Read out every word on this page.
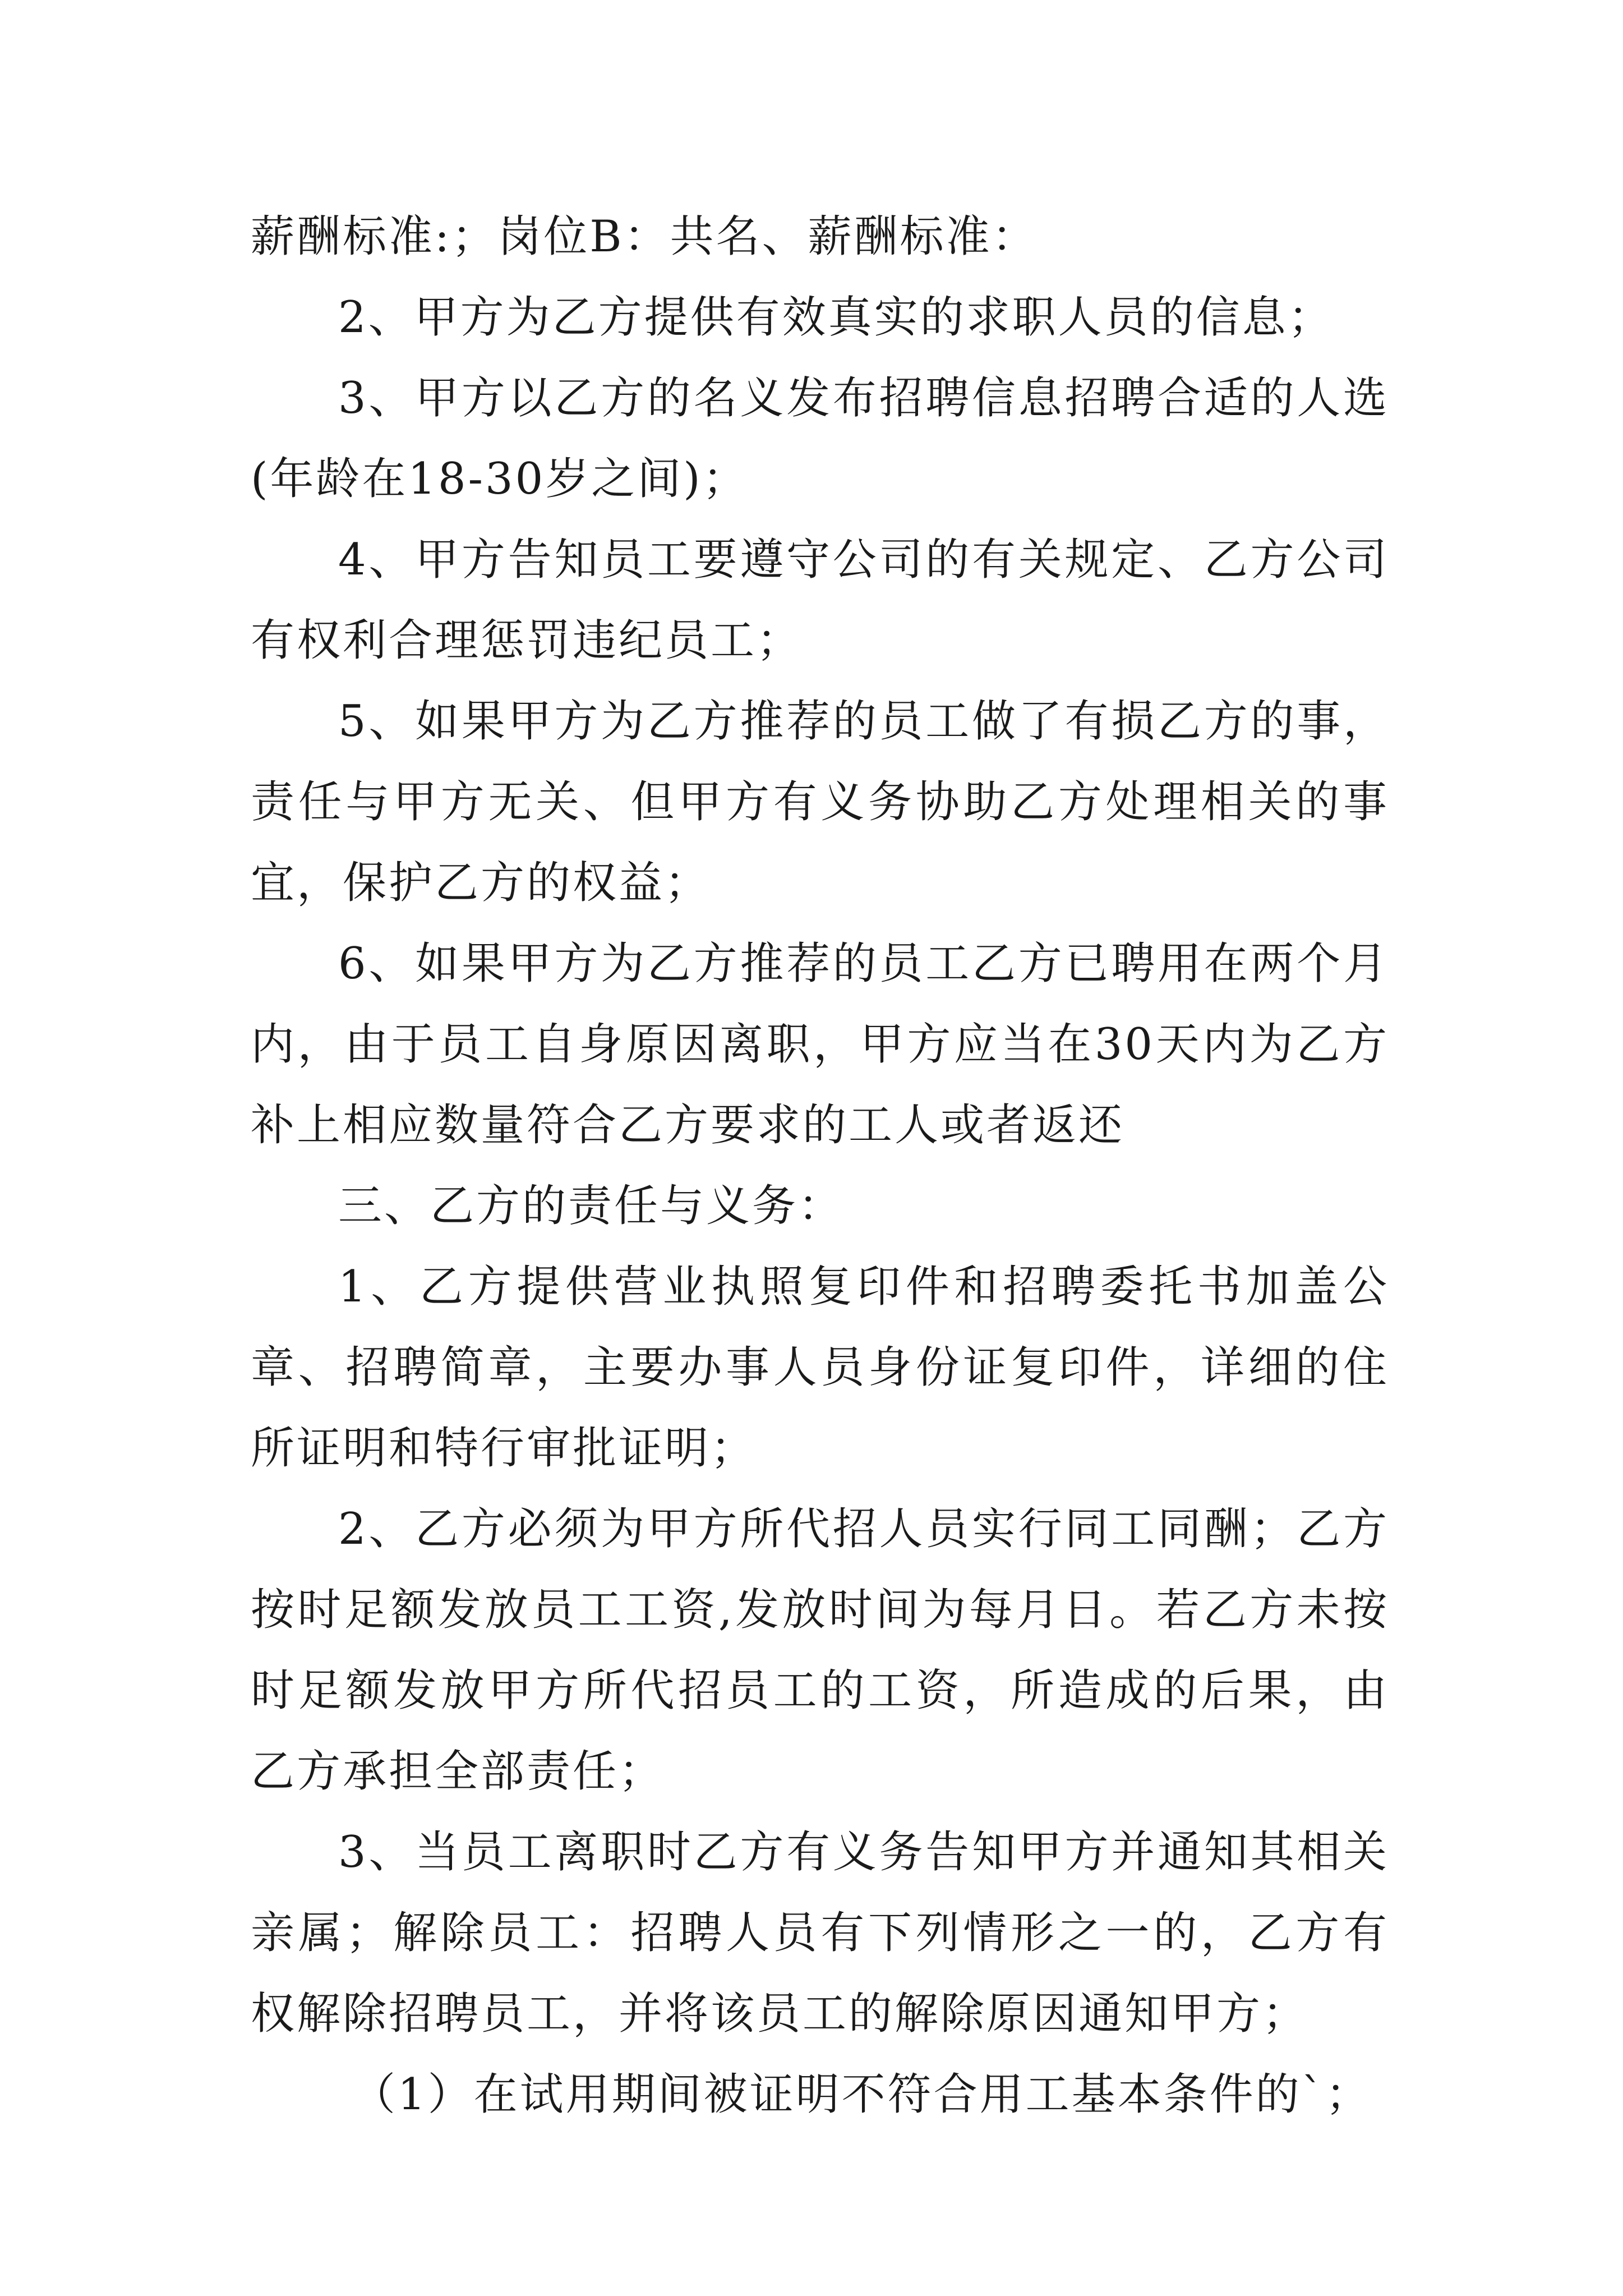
薪酬标准:；岗位B：共名、薪酬标准：

2、甲方为乙方提供有效真实的求职人员的信息；

3、甲方以乙方的名义发布招聘信息招聘合适的人选(年龄在18-30岁之间)；

4、甲方告知员工要遵守公司的有关规定、乙方公司有权利合理惩罚违纪员工；

5、如果甲方为乙方推荐的员工做了有损乙方的事，责任与甲方无关、但甲方有义务协助乙方处理相关的事宜，保护乙方的权益；

6、如果甲方为乙方推荐的员工乙方已聘用在两个月内，由于员工自身原因离职，甲方应当在30天内为乙方补上相应数量符合乙方要求的工人或者返还

三、乙方的责任与义务：

1、乙方提供营业执照复印件和招聘委托书加盖公章、招聘简章，主要办事人员身份证复印件，详细的住所证明和特行审批证明；

2、乙方必须为甲方所代招人员实行同工同酬；乙方按时足额发放员工工资,发放时间为每月日。若乙方未按时足额发放甲方所代招员工的工资，所造成的后果，由乙方承担全部责任；

3、当员工离职时乙方有义务告知甲方并通知其相关亲属；解除员工：招聘人员有下列情形之一的，乙方有权解除招聘员工，并将该员工的解除原因通知甲方；

（1）在试用期间被证明不符合用工基本条件的`；
